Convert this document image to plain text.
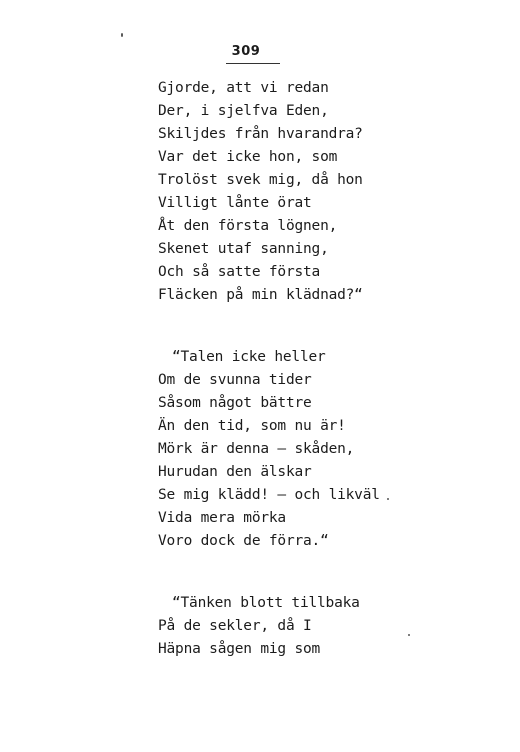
309
Gjorde, att vi redan
Der, i sjelfva Eden,
Skiljdes från hvarandra?
Var det icke hon, som
Trolöst svek mig, då hon
Villigt lånte örat
Åt den första lögnen,
Skenet utaf sanning,
Och så satte första
Fläcken på min klädnad?“
“Talen icke heller
Om de svunna tider
Såsom något bättre
Än den tid, som nu är!
Mörk är denna — skåden,
Hurudan den älskar
Se mig klädd! — och likväl
Vida mera mörka
Voro dock de förra.“
“Tänken blott tillbaka
På de sekler, då I
Häpna sågen mig som
